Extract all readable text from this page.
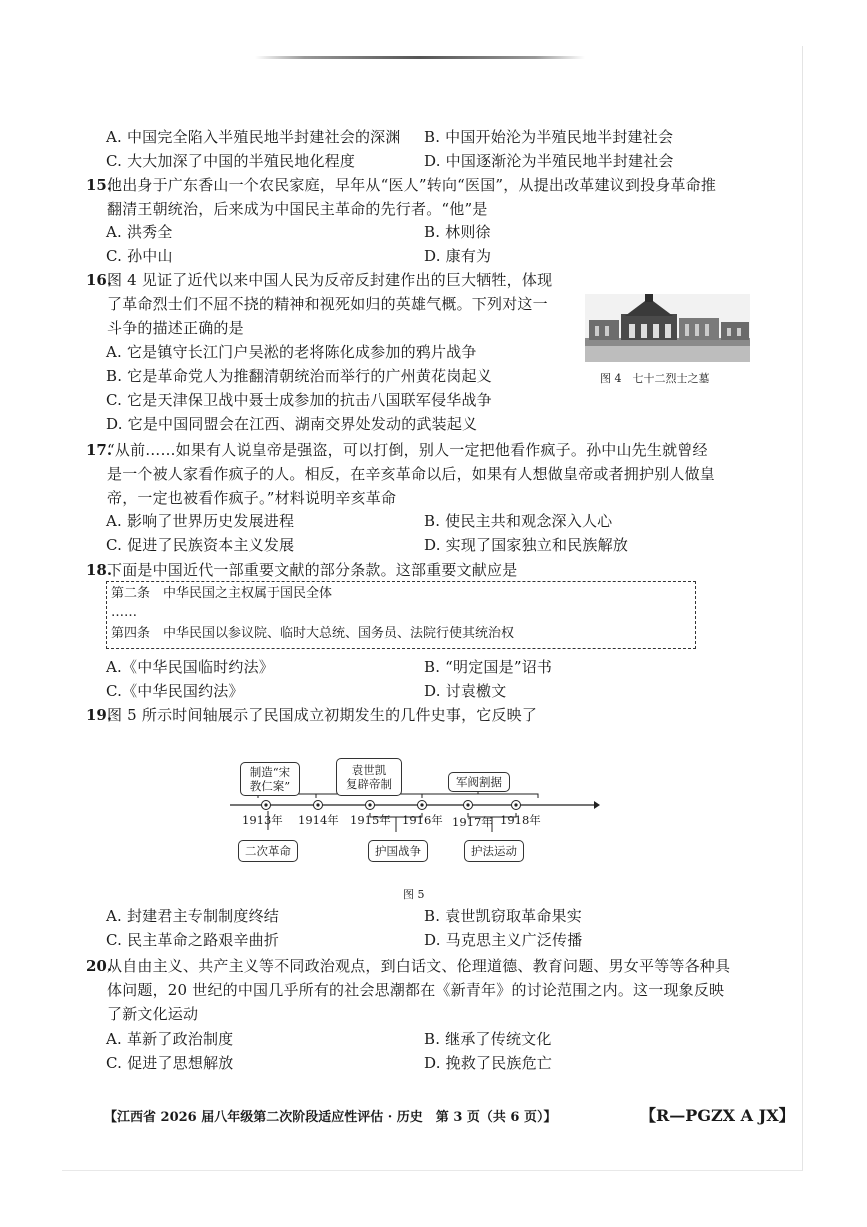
A. 中国完全陷入半殖民地半封建社会的深渊 B. 中国开始沦为半殖民地半封建社会
C. 大大加深了中国的半殖民地化程度	D. 中国逐渐沦为半殖民地半封建社会
15.
他出身于广东香山一个农民家庭，早年从“医人”转向“医国”，从提出改革建议到投身革命推
翻清王朝统治，后来成为中国民主革命的先行者。“他”是
A. 洪秀全	B. 林则徐
C. 孙中山	D. 康有为
16.
图 4 见证了近代以来中国人民为反帝反封建作出的巨大牺牲，体现
了革命烈士们不屈不挠的精神和视死如归的英雄气概。下列对这一
斗争的描述正确的是
A. 它是镇守长江门户吴淞的老将陈化成参加的鸦片战争
B. 它是革命党人为推翻清朝统治而举行的广州黄花岗起义
C. 它是天津保卫战中聂士成参加的抗击八国联军侵华战争
D. 它是中国同盟会在江西、湖南交界处发动的武装起义
图 4　七十二烈士之墓
17.
“从前……如果有人说皇帝是强盗，可以打倒，别人一定把他看作疯子。孙中山先生就曾经
是一个被人家看作疯子的人。相反，在辛亥革命以后，如果有人想做皇帝或者拥护别人做皇
帝，一定也被看作疯子。”材料说明辛亥革命
A. 影响了世界历史发展进程	B. 使民主共和观念深入人心
C. 促进了民族资本主义发展	D. 实现了国家独立和民族解放
18.
下面是中国近代一部重要文献的部分条款。这部重要文献应是
第二条　中华民国之主权属于国民全体
……
第四条　中华民国以参议院、临时大总统、国务员、法院行使其统治权
A.《中华民国临时约法》	B. “明定国是”诏书
C.《中华民国约法》	D. 讨袁檄文
19.
图 5 所示时间轴展示了民国成立初期发生的几件史事，它反映了
制造“宋
教仁案”
袁世凯
复辟帝制	军阀割据
1913年 1914年 1915年 1916年 1917年 1918年
二次革命	护国战争	护法运动
图 5
A. 封建君主专制制度终结	B. 袁世凯窃取革命果实
C. 民主革命之路艰辛曲折	D. 马克思主义广泛传播
20.
从自由主义、共产主义等不同政治观点，到白话文、伦理道德、教育问题、男女平等等各种具
体问题，20 世纪的中国几乎所有的社会思潮都在《新青年》的讨论范围之内。这一现象反映
了新文化运动
A. 革新了政治制度	B. 继承了传统文化
C. 促进了思想解放	D. 挽救了民族危亡
【江西省 2026 届八年级第二次阶段适应性评估 · 历史　第 3 页（共 6 页）】	【R—PGZX A JX】
